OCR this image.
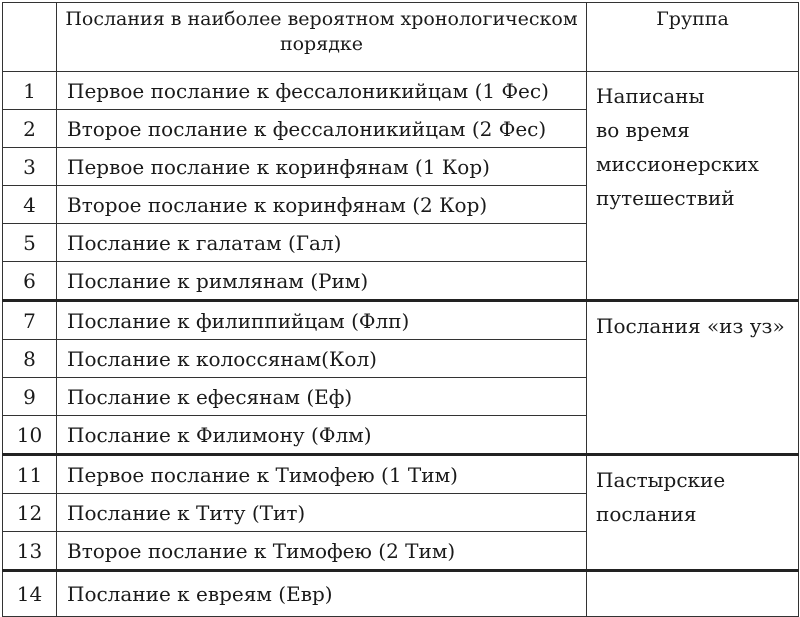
	Послания в наиболее вероятном хронологическом порядке	Группа
1	Первое послание к фессалоникийцам (1 Фес)	Написаны
во время
миссионерских
путешествий
2	Второе послание к фессалоникийцам (2 Фес)	
3	Первое послание к коринфянам (1 Кор)	
4	Второе послание к коринфянам (2 Кор)	
5	Послание к галатам (Гал)	
6	Послание к римлянам (Рим)	
7	Послание к филиппийцам (Флп)	Послания «из уз»
8	Послание к колоссянам(Кол)	
9	Послание к ефесянам (Еф)	
10	Послание к Филимону (Флм)	
11	Первое послание к Тимофею (1 Тим)	Пастырские
послания
12	Послание к Титу (Тит)	
13	Второе послание к Тимофею (2 Тим)	
14	Послание к евреям (Евр)	
